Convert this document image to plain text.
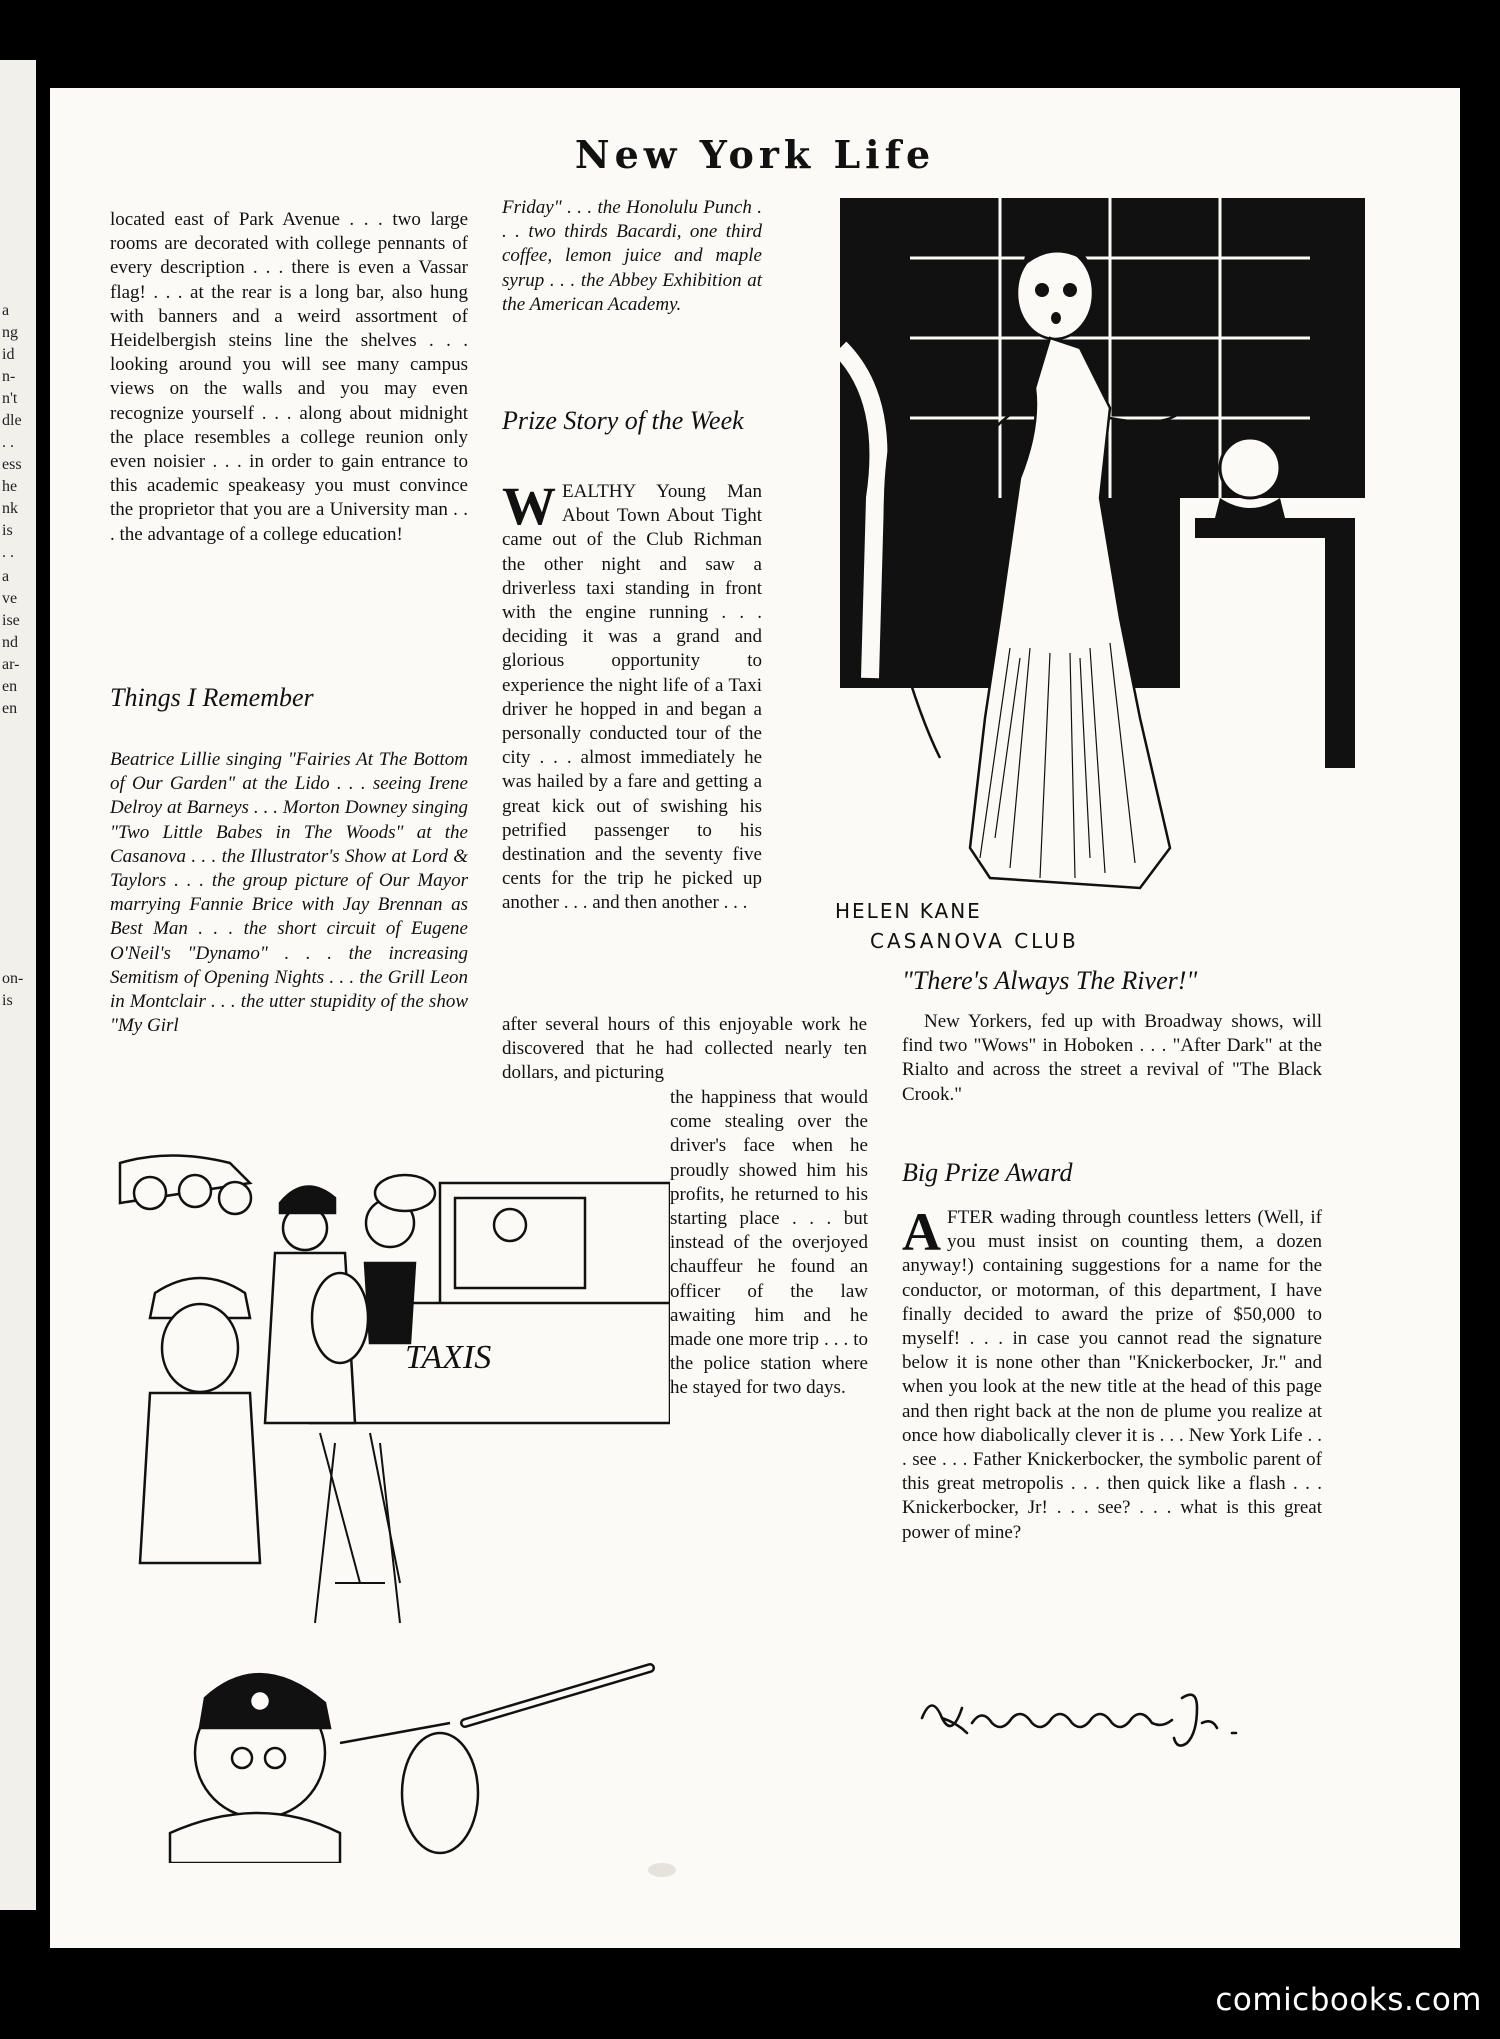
a
ng
id
n-
n't
dle
. .
ess
he
nk
is
. .
a
ve
ise
nd
ar-
en
en
on-
is
New York Life

located east of Park Avenue . . . two large rooms are decorated with college pennants of every description . . . there is even a Vassar flag! . . . at the rear is a long bar, also hung with banners and a weird assortment of Heidelbergish steins line the shelves . . . looking around you will see many campus views on the walls and you may even recognize yourself . . . along about midnight the place resembles a college reunion only even noisier . . . in order to gain entrance to this academic speakeasy you must convince the proprietor that you are a University man . . . the advantage of a college education!

Things I Remember

Beatrice Lillie singing "Fairies At The Bottom of Our Garden" at the Lido . . . seeing Irene Delroy at Barneys . . . Morton Downey singing "Two Little Babes in The Woods" at the Casanova . . . the Illustrator's Show at Lord & Taylors . . . the group picture of Our Mayor marrying Fannie Brice with Jay Brennan as Best Man . . . the short circuit of Eugene O'Neil's "Dynamo" . . . the increasing Semitism of Opening Nights . . . the Grill Leon in Montclair . . . the utter stupidity of the show "My Girl

Friday" . . . the Honolulu Punch . . . two thirds Bacardi, one third coffee, lemon juice and maple syrup . . . the Abbey Exhibition at the American Academy.

Prize Story of the Week

WEALTHY Young Man About Town About Tight came out of the Club Richman the other night and saw a driverless taxi standing in front with the engine running . . . deciding it was a grand and glorious opportunity to experience the night life of a Taxi driver he hopped in and began a personally conducted tour of the city . . . almost immediately he was hailed by a fare and getting a great kick out of swishing his petrified passenger to his destination and the seventy five cents for the trip he picked up another . . . and then another . . .

after several hours of this enjoyable work he discovered that he had collected nearly ten dollars, and picturing

the happiness that would come stealing over the driver's face when he proudly showed him his profits, he returned to his starting place . . . but instead of the overjoyed chauffeur he found an officer of the law awaiting him and he made one more trip . . . to the police station where he stayed for two days.

HELEN KANE
CASANOVA CLUB
"There's Always The River!"

New Yorkers, fed up with Broadway shows, will find two "Wows" in Hoboken . . . "After Dark" at the Rialto and across the street a revival of "The Black Crook."

Big Prize Award

AFTER wading through countless letters (Well, if you must insist on counting them, a dozen anyway!) containing suggestions for a name for the conductor, or motorman, of this department, I have finally decided to award the prize of $50,000 to myself! . . . in case you cannot read the signature below it is none other than "Knickerbocker, Jr." and when you look at the new title at the head of this page and then right back at the non de plume you realize at once how diabolically clever it is . . . New York Life . . . see . . . Father Knickerbocker, the symbolic parent of this great metropolis . . . then quick like a flash . . . Knickerbocker, Jr! . . . see? . . . what is this great power of mine?

TAXIS
comicbooks.com
